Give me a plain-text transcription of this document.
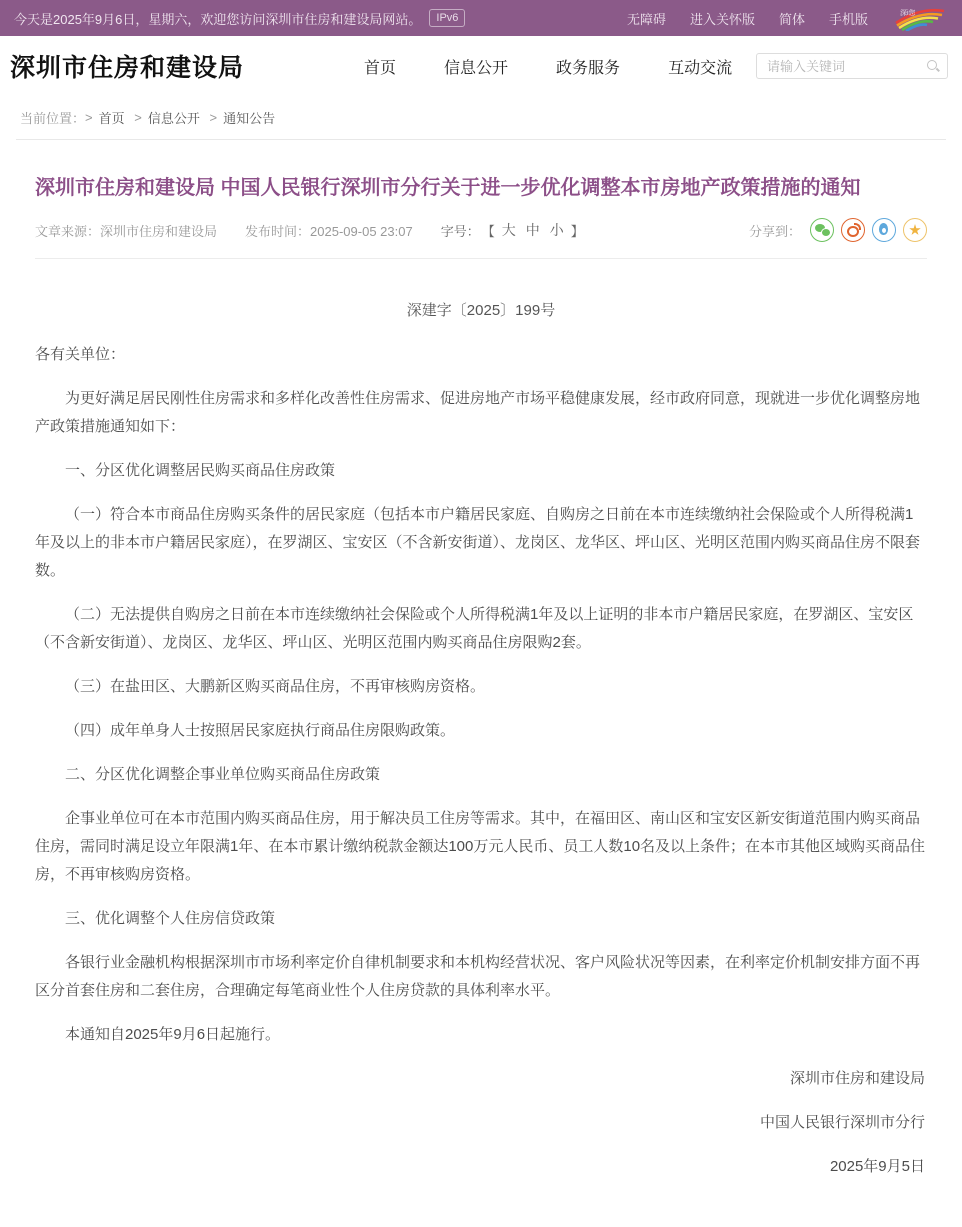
今天是2025年9月6日，星期六，欢迎您访问深圳市住房和建设局网站。	IPv6	无障碍 进入关怀版 简体 手机版	深i您
深圳市住房和建设局	首页	信息公开	政务服务	互动交流
请输入关键词
当前位置： > 首页
> 信息公开
> 通知公告
深圳市住房和建设局 中国人民银行深圳市分行关于进一步优化调整本市房地产政策措施的通知
文章来源：深圳市住房和建设局 发布时间：2025-09-05 23:07 字号： 【 大 中 小 】	分享到：

深建字〔2025〕199号

各有关单位：

为更好满足居民刚性住房需求和多样化改善性住房需求、促进房地产市场平稳健康发展，经市政府同意，现就进一步优化调整房地产政策措施通知如下：

一、分区优化调整居民购买商品住房政策

（一）符合本市商品住房购买条件的居民家庭（包括本市户籍居民家庭、自购房之日前在本市连续缴纳社会保险或个人所得税满1年及以上的非本市户籍居民家庭），在罗湖区、宝安区（不含新安街道）、龙岗区、龙华区、坪山区、光明区范围内购买商品住房不限套数。

（二）无法提供自购房之日前在本市连续缴纳社会保险或个人所得税满1年及以上证明的非本市户籍居民家庭，在罗湖区、宝安区（不含新安街道）、龙岗区、龙华区、坪山区、光明区范围内购买商品住房限购2套。

（三）在盐田区、大鹏新区购买商品住房，不再审核购房资格。

（四）成年单身人士按照居民家庭执行商品住房限购政策。

二、分区优化调整企事业单位购买商品住房政策

企事业单位可在本市范围内购买商品住房，用于解决员工住房等需求。其中，在福田区、南山区和宝安区新安街道范围内购买商品住房，需同时满足设立年限满1年、在本市累计缴纳税款金额达100万元人民币、员工人数10名及以上条件；在本市其他区域购买商品住房，不再审核购房资格。

三、优化调整个人住房信贷政策

各银行业金融机构根据深圳市市场利率定价自律机制要求和本机构经营状况、客户风险状况等因素，在利率定价机制安排方面不再区分首套住房和二套住房，合理确定每笔商业性个人住房贷款的具体利率水平。

本通知自2025年9月6日起施行。

深圳市住房和建设局

中国人民银行深圳市分行

2025年9月5日
